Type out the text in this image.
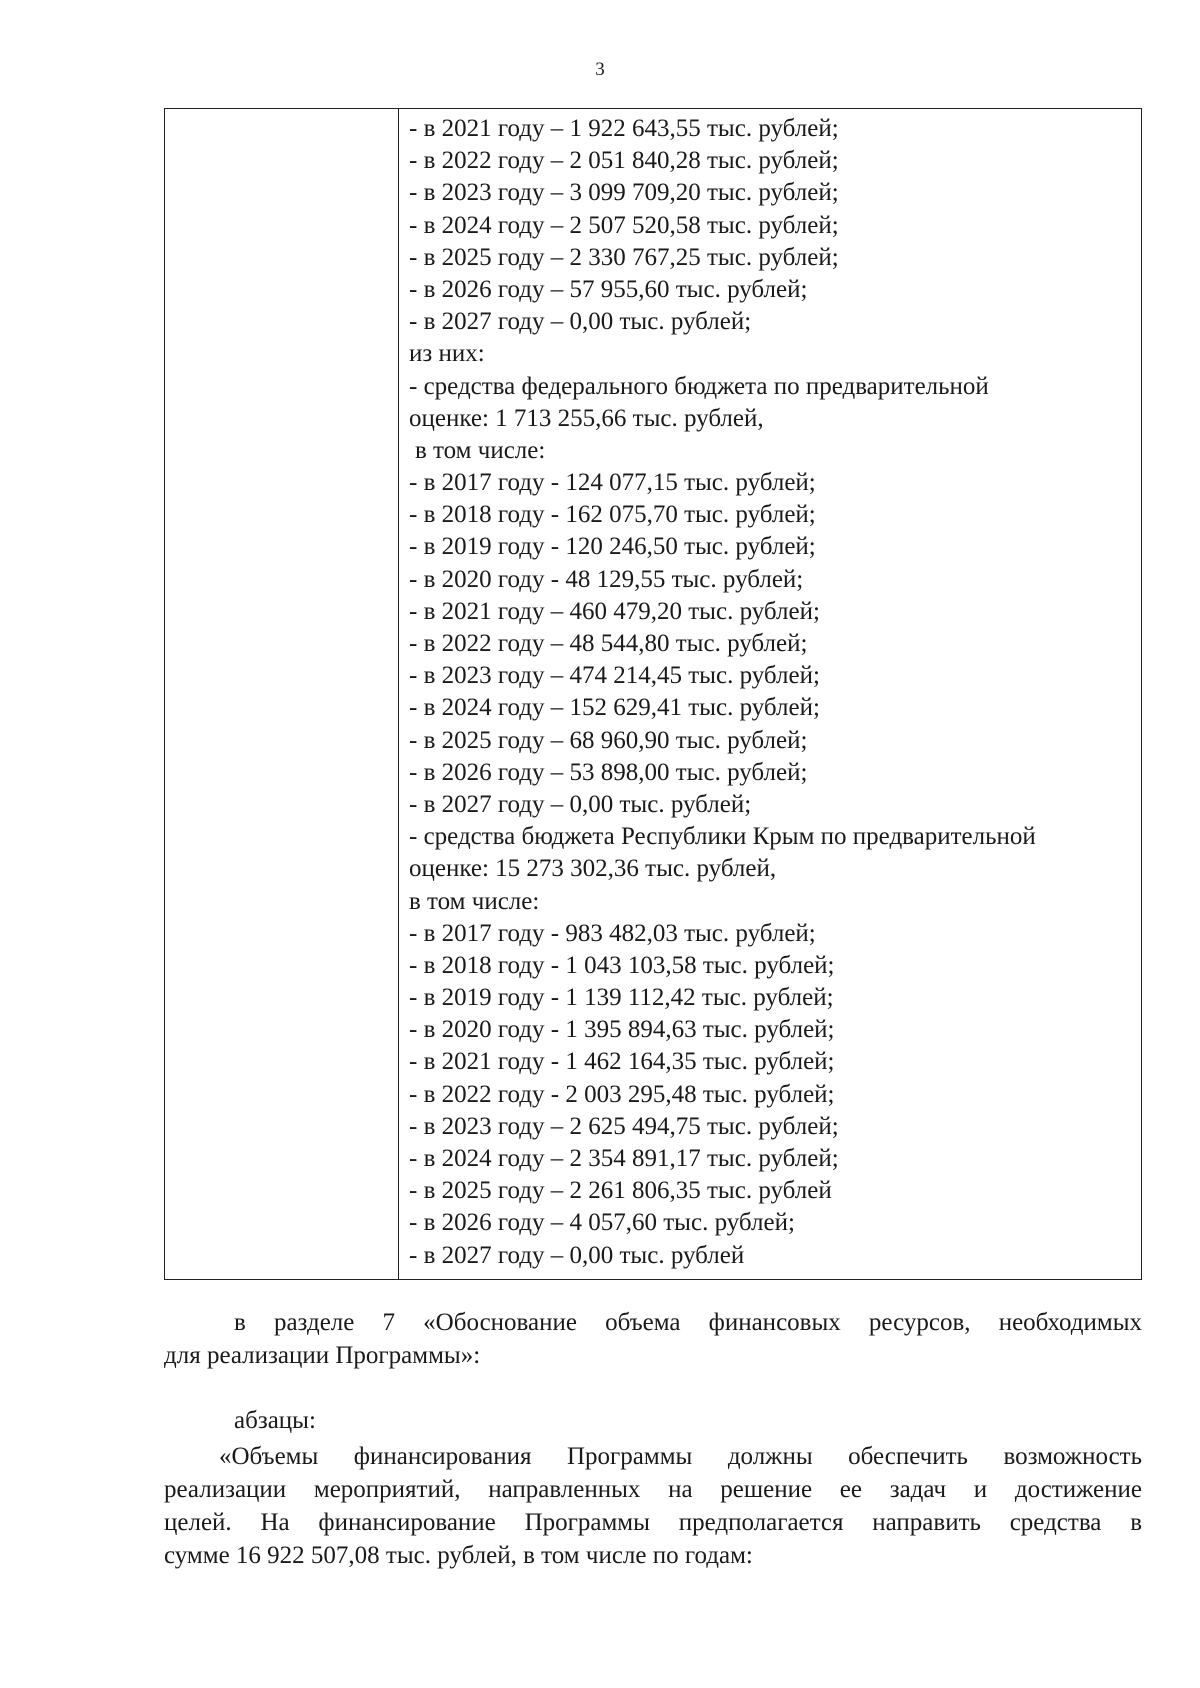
3
- в 2021 году – 1 922 643,55 тыс. рублей;
- в 2022 году – 2 051 840,28 тыс. рублей;
- в 2023 году – 3 099 709,20 тыс. рублей;
- в 2024 году – 2 507 520,58 тыс. рублей;
- в 2025 году – 2 330 767,25 тыс. рублей;
- в 2026 году – 57 955,60 тыс. рублей;
- в 2027 году – 0,00 тыс. рублей;
из них:
- средства федерального бюджета по предварительной
оценке: 1 713 255,66 тыс. рублей,
в том числе:
- в 2017 году - 124 077,15 тыс. рублей;
- в 2018 году - 162 075,70 тыс. рублей;
- в 2019 году - 120 246,50 тыс. рублей;
- в 2020 году - 48 129,55 тыс. рублей;
- в 2021 году – 460 479,20 тыс. рублей;
- в 2022 году – 48 544,80 тыс. рублей;
- в 2023 году – 474 214,45 тыс. рублей;
- в 2024 году – 152 629,41 тыс. рублей;
- в 2025 году – 68 960,90 тыс. рублей;
- в 2026 году – 53 898,00 тыс. рублей;
- в 2027 году – 0,00 тыс. рублей;
- средства бюджета Республики Крым по предварительной
оценке: 15 273 302,36 тыс. рублей,
в том числе:
- в 2017 году - 983 482,03 тыс. рублей;
- в 2018 году - 1 043 103,58 тыс. рублей;
- в 2019 году - 1 139 112,42 тыс. рублей;
- в 2020 году - 1 395 894,63 тыс. рублей;
- в 2021 году - 1 462 164,35 тыс. рублей;
- в 2022 году - 2 003 295,48 тыс. рублей;
- в 2023 году – 2 625 494,75 тыс. рублей;
- в 2024 году – 2 354 891,17 тыс. рублей;
- в 2025 году – 2 261 806,35 тыс. рублей
- в 2026 году – 4 057,60 тыс. рублей;
- в 2027 году – 0,00 тыс. рублей
в разделе 7 «Обоснование объема финансовых ресурсов, необходимых
для реализации Программы»:
абзацы:
«Объемы финансирования Программы должны обеспечить возможность
реализации мероприятий, направленных на решение ее задач и достижение
целей. На финансирование Программы предполагается направить средства в
сумме 16 922 507,08 тыс. рублей, в том числе по годам:
